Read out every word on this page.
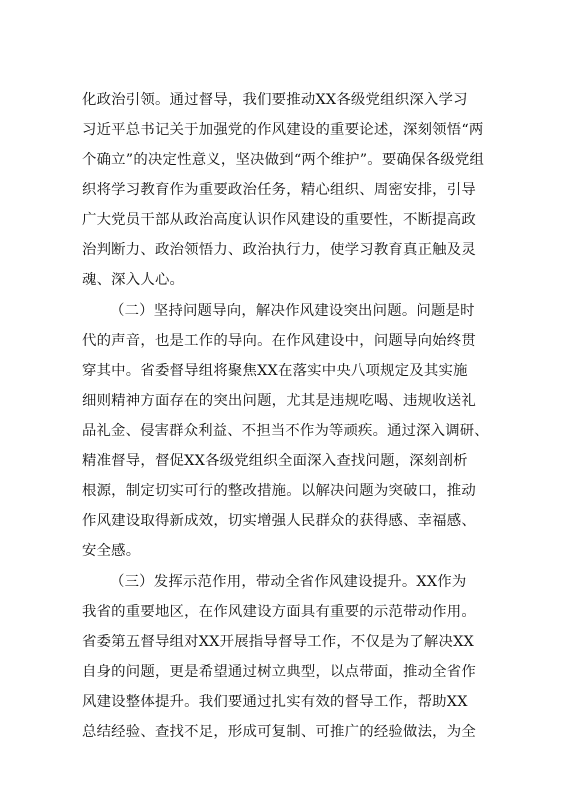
化政治引领。通过督导，我们要推动XX各级党组织深入学习
习近平总书记关于加强党的作风建设的重要论述，深刻领悟“两
个确立”的决定性意义，坚决做到“两个维护”。要确保各级党组
织将学习教育作为重要政治任务，精心组织、周密安排，引导
广大党员干部从政治高度认识作风建设的重要性，不断提高政
治判断力、政治领悟力、政治执行力，使学习教育真正触及灵
魂、深入人心。
（二）坚持问题导向，解决作风建设突出问题。问题是时
代的声音，也是工作的导向。在作风建设中，问题导向始终贯
穿其中。省委督导组将聚焦XX在落实中央八项规定及其实施
细则精神方面存在的突出问题，尤其是违规吃喝、违规收送礼
品礼金、侵害群众利益、不担当不作为等顽疾。通过深入调研、
精准督导，督促XX各级党组织全面深入查找问题，深刻剖析
根源，制定切实可行的整改措施。以解决问题为突破口，推动
作风建设取得新成效，切实增强人民群众的获得感、幸福感、
安全感。
（三）发挥示范作用，带动全省作风建设提升。XX作为
我省的重要地区，在作风建设方面具有重要的示范带动作用。
省委第五督导组对XX开展指导督导工作，不仅是为了解决XX
自身的问题，更是希望通过树立典型，以点带面，推动全省作
风建设整体提升。我们要通过扎实有效的督导工作，帮助XX
总结经验、查找不足，形成可复制、可推广的经验做法，为全
